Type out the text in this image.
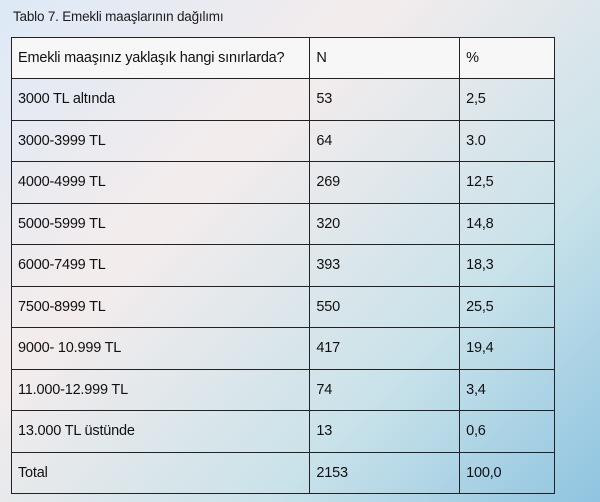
Tablo 7. Emekli maaşlarının dağılımı
Emekli maaşınız yaklaşık hangi sınırlarda?	N	%
3000 TL altında	53	2,5
3000-3999 TL	64	3.0
4000-4999 TL	269	12,5
5000-5999 TL	320	14,8
6000-7499 TL	393	18,3
7500-8999 TL	550	25,5
9000- 10.999 TL	417	19,4
11.000-12.999 TL	74	3,4
13.000 TL üstünde	13	0,6
Total	2153	100,0
